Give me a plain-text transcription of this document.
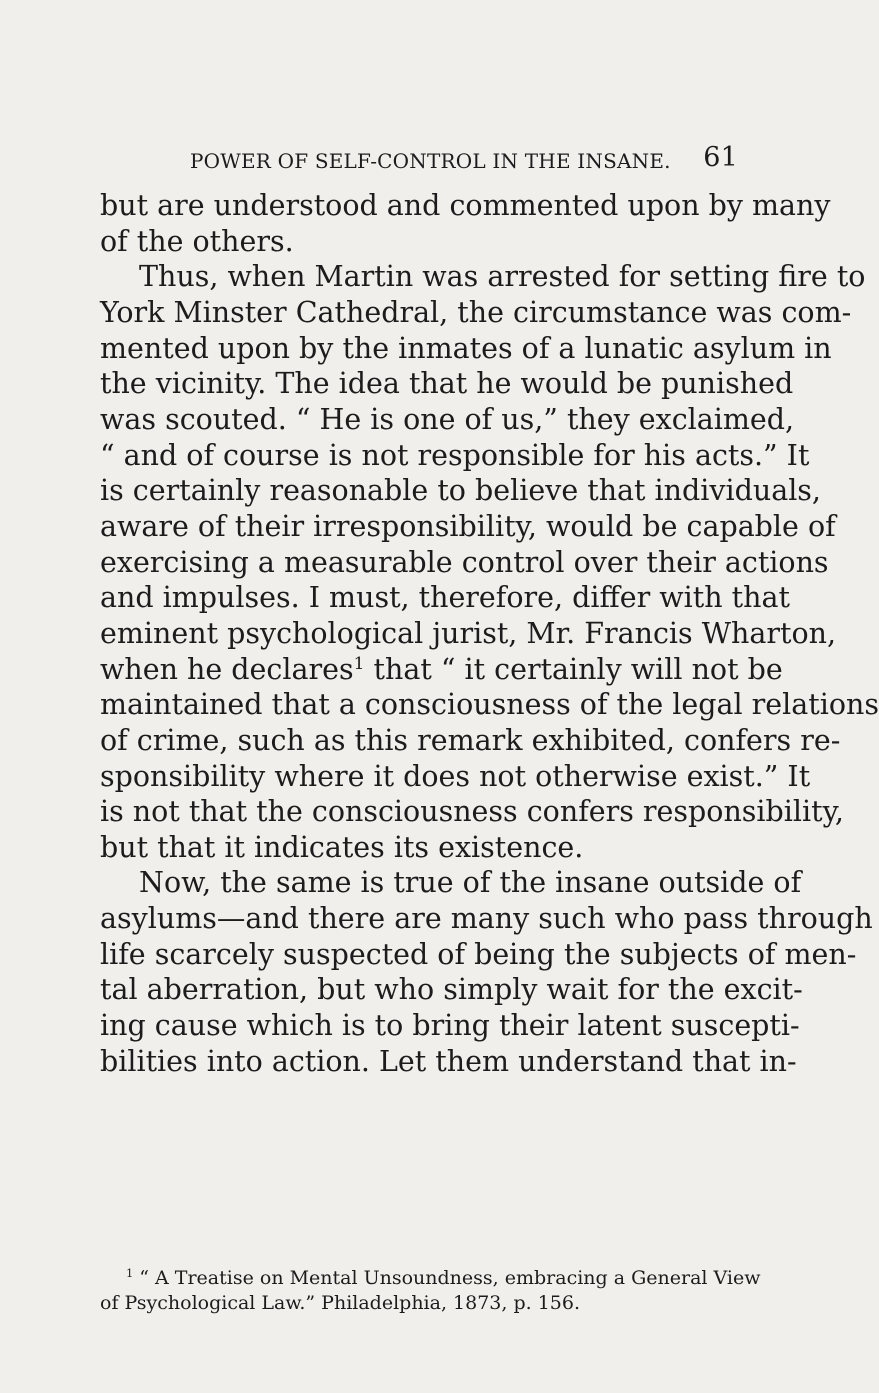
POWER OF SELF-CONTROL IN THE INSANE. 61
but are understood and commented upon by many
of the others.
Thus, when Martin was arrested for setting fire to
York Minster Cathedral, the circumstance was com-
mented upon by the inmates of a lunatic asylum in
the vicinity. The idea that he would be punished
was scouted. “ He is one of us,” they exclaimed,
“ and of course is not responsible for his acts.” It
is certainly reasonable to believe that individuals,
aware of their irresponsibility, would be capable of
exercising a measurable control over their actions
and impulses. I must, therefore, differ with that
eminent psychological jurist, Mr. Francis Wharton,
when he declares$^1$ that “ it certainly will not be
maintained that a consciousness of the legal relations
of crime, such as this remark exhibited, confers re-
sponsibility where it does not otherwise exist.” It
is not that the consciousness confers responsibility,
but that it indicates its existence.
Now, the same is true of the insane outside of
asylums—and there are many such who pass through
life scarcely suspected of being the subjects of men-
tal aberration, but who simply wait for the excit-
ing cause which is to bring their latent suscepti-
bilities into action. Let them understand that in-
$^1$ “ A Treatise on Mental Unsoundness, embracing a General View
of Psychological Law.” Philadelphia, 1873, p. 156.
